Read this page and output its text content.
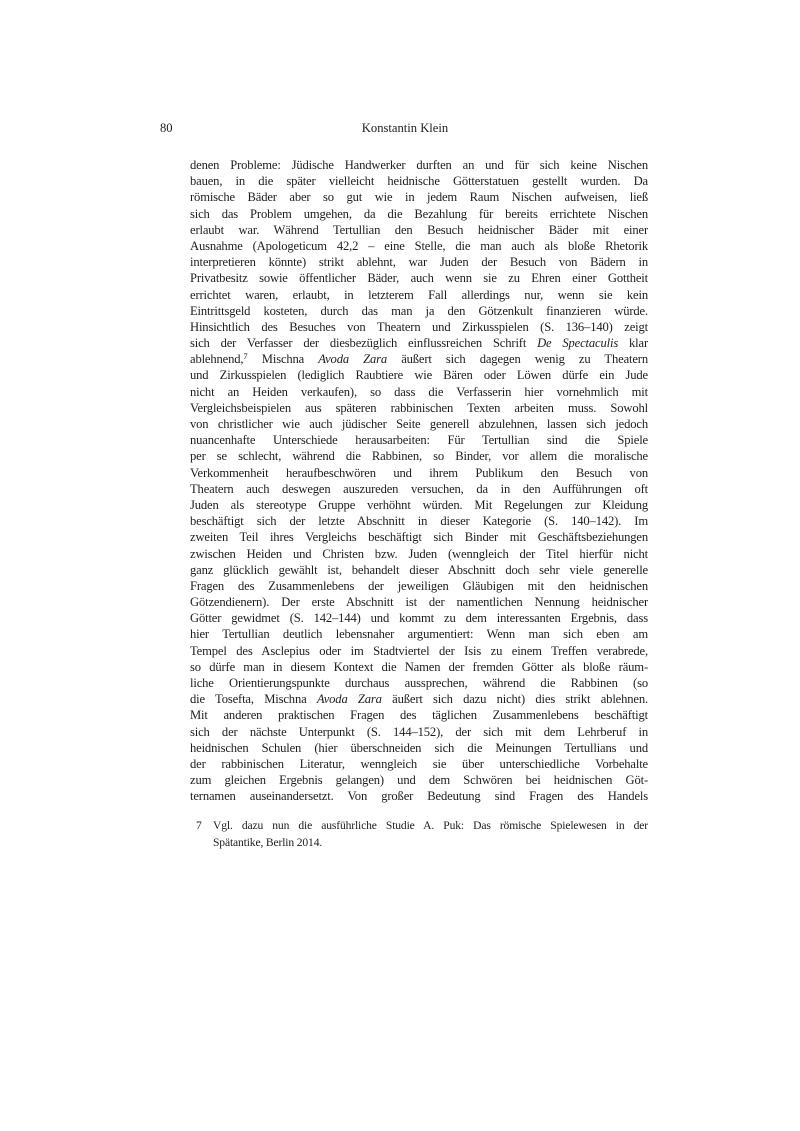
80	Konstantin Klein
denen Probleme: Jüdische Handwerker durften an und für sich keine Nischen
bauen, in die später vielleicht heidnische Götterstatuen gestellt wurden. Da
römische Bäder aber so gut wie in jedem Raum Nischen aufweisen, ließ
sich das Problem umgehen, da die Bezahlung für bereits errichtete Nischen
erlaubt war. Während Tertullian den Besuch heidnischer Bäder mit einer
Ausnahme (Apologeticum 42,2 – eine Stelle, die man auch als bloße Rhetorik
interpretieren könnte) strikt ablehnt, war Juden der Besuch von Bädern in
Privatbesitz sowie öffentlicher Bäder, auch wenn sie zu Ehren einer Gottheit
errichtet waren, erlaubt, in letzterem Fall allerdings nur, wenn sie kein
Eintrittsgeld kosteten, durch das man ja den Götzenkult finanzieren würde.
Hinsichtlich des Besuches von Theatern und Zirkusspielen (S. 136–140) zeigt
sich der Verfasser der diesbezüglich einflussreichen Schrift De Spectaculis klar
ablehnend,$^7$ Mischna Avoda Zara äußert sich dagegen wenig zu Theatern
und Zirkusspielen (lediglich Raubtiere wie Bären oder Löwen dürfe ein Jude
nicht an Heiden verkaufen), so dass die Verfasserin hier vornehmlich mit
Vergleichsbeispielen aus späteren rabbinischen Texten arbeiten muss. Sowohl
von christlicher wie auch jüdischer Seite generell abzulehnen, lassen sich jedoch
nuancenhafte Unterschiede herausarbeiten: Für Tertullian sind die Spiele
per se schlecht, während die Rabbinen, so Binder, vor allem die moralische
Verkommenheit heraufbeschwören und ihrem Publikum den Besuch von
Theatern auch deswegen auszureden versuchen, da in den Aufführungen oft
Juden als stereotype Gruppe verhöhnt würden. Mit Regelungen zur Kleidung
beschäftigt sich der letzte Abschnitt in dieser Kategorie (S. 140–142). Im
zweiten Teil ihres Vergleichs beschäftigt sich Binder mit Geschäftsbeziehungen
zwischen Heiden und Christen bzw. Juden (wenngleich der Titel hierfür nicht
ganz glücklich gewählt ist, behandelt dieser Abschnitt doch sehr viele generelle
Fragen des Zusammenlebens der jeweiligen Gläubigen mit den heidnischen
Götzendienern). Der erste Abschnitt ist der namentlichen Nennung heidnischer
Götter gewidmet (S. 142–144) und kommt zu dem interessanten Ergebnis, dass
hier Tertullian deutlich lebensnaher argumentiert: Wenn man sich eben am
Tempel des Asclepius oder im Stadtviertel der Isis zu einem Treffen verabrede,
so dürfe man in diesem Kontext die Namen der fremden Götter als bloße räum-
liche Orientierungspunkte durchaus aussprechen, während die Rabbinen (so
die Tosefta, Mischna Avoda Zara äußert sich dazu nicht) dies strikt ablehnen.
Mit anderen praktischen Fragen des täglichen Zusammenlebens beschäftigt
sich der nächste Unterpunkt (S. 144–152), der sich mit dem Lehrberuf in
heidnischen Schulen (hier überschneiden sich die Meinungen Tertullians und
der rabbinischen Literatur, wenngleich sie über unterschiedliche Vorbehalte
zum gleichen Ergebnis gelangen) und dem Schwören bei heidnischen Göt-
ternamen auseinandersetzt. Von großer Bedeutung sind Fragen des Handels
7 Vgl. dazu nun die ausführliche Studie A. Puk: Das römische Spielewesen in der
Spätantike, Berlin 2014.
